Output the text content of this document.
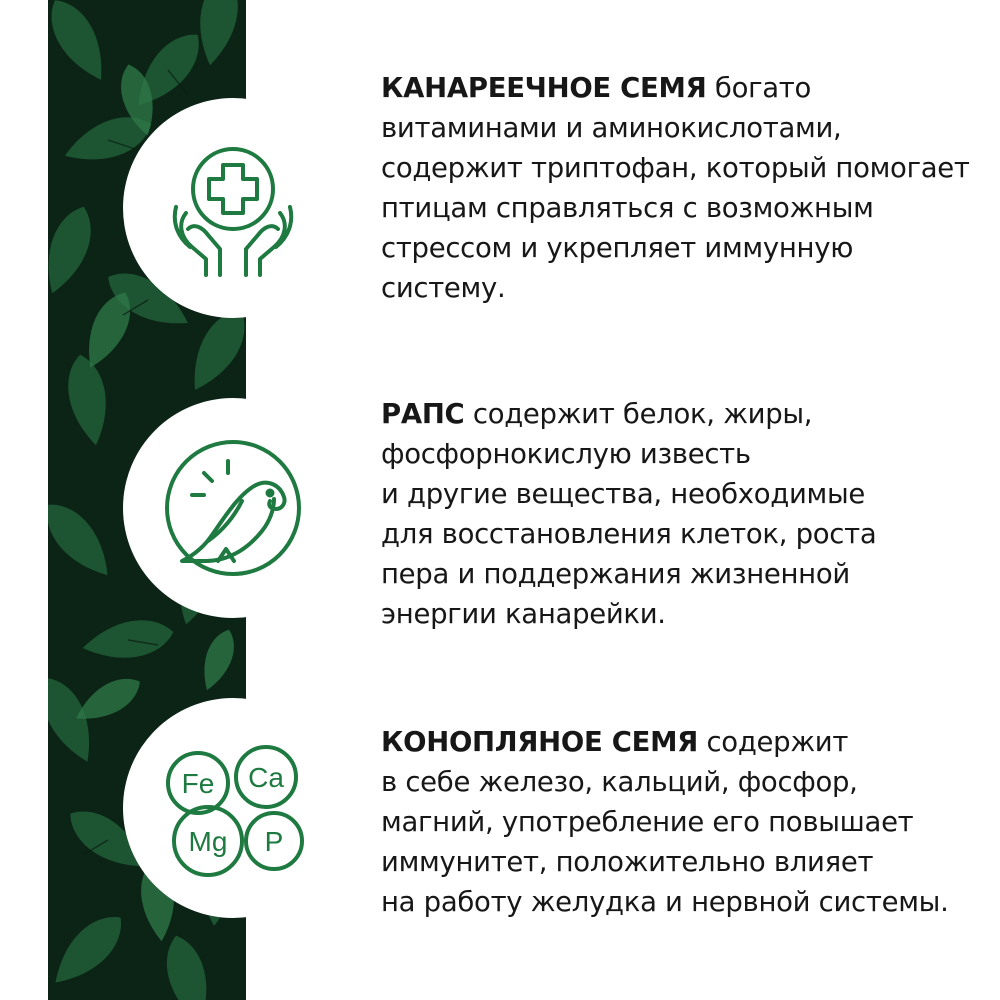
Fe Ca
Mg P

КАНАРЕЕЧНОЕ СЕМЯ богато
витаминами и аминокислотами,
содержит триптофан, который помогает
птицам справляться с возможным
стрессом и укрепляет иммунную
систему.

РАПС содержит белок, жиры,
фосфорнокислую известь
и другие вещества, необходимые
для восстановления клеток, роста
пера и поддержания жизненной
энергии канарейки.

КОНОПЛЯНОЕ СЕМЯ содержит
в себе железо, кальций, фосфор,
магний, употребление его повышает
иммунитет, положительно влияет
на работу желудка и нервной системы.
